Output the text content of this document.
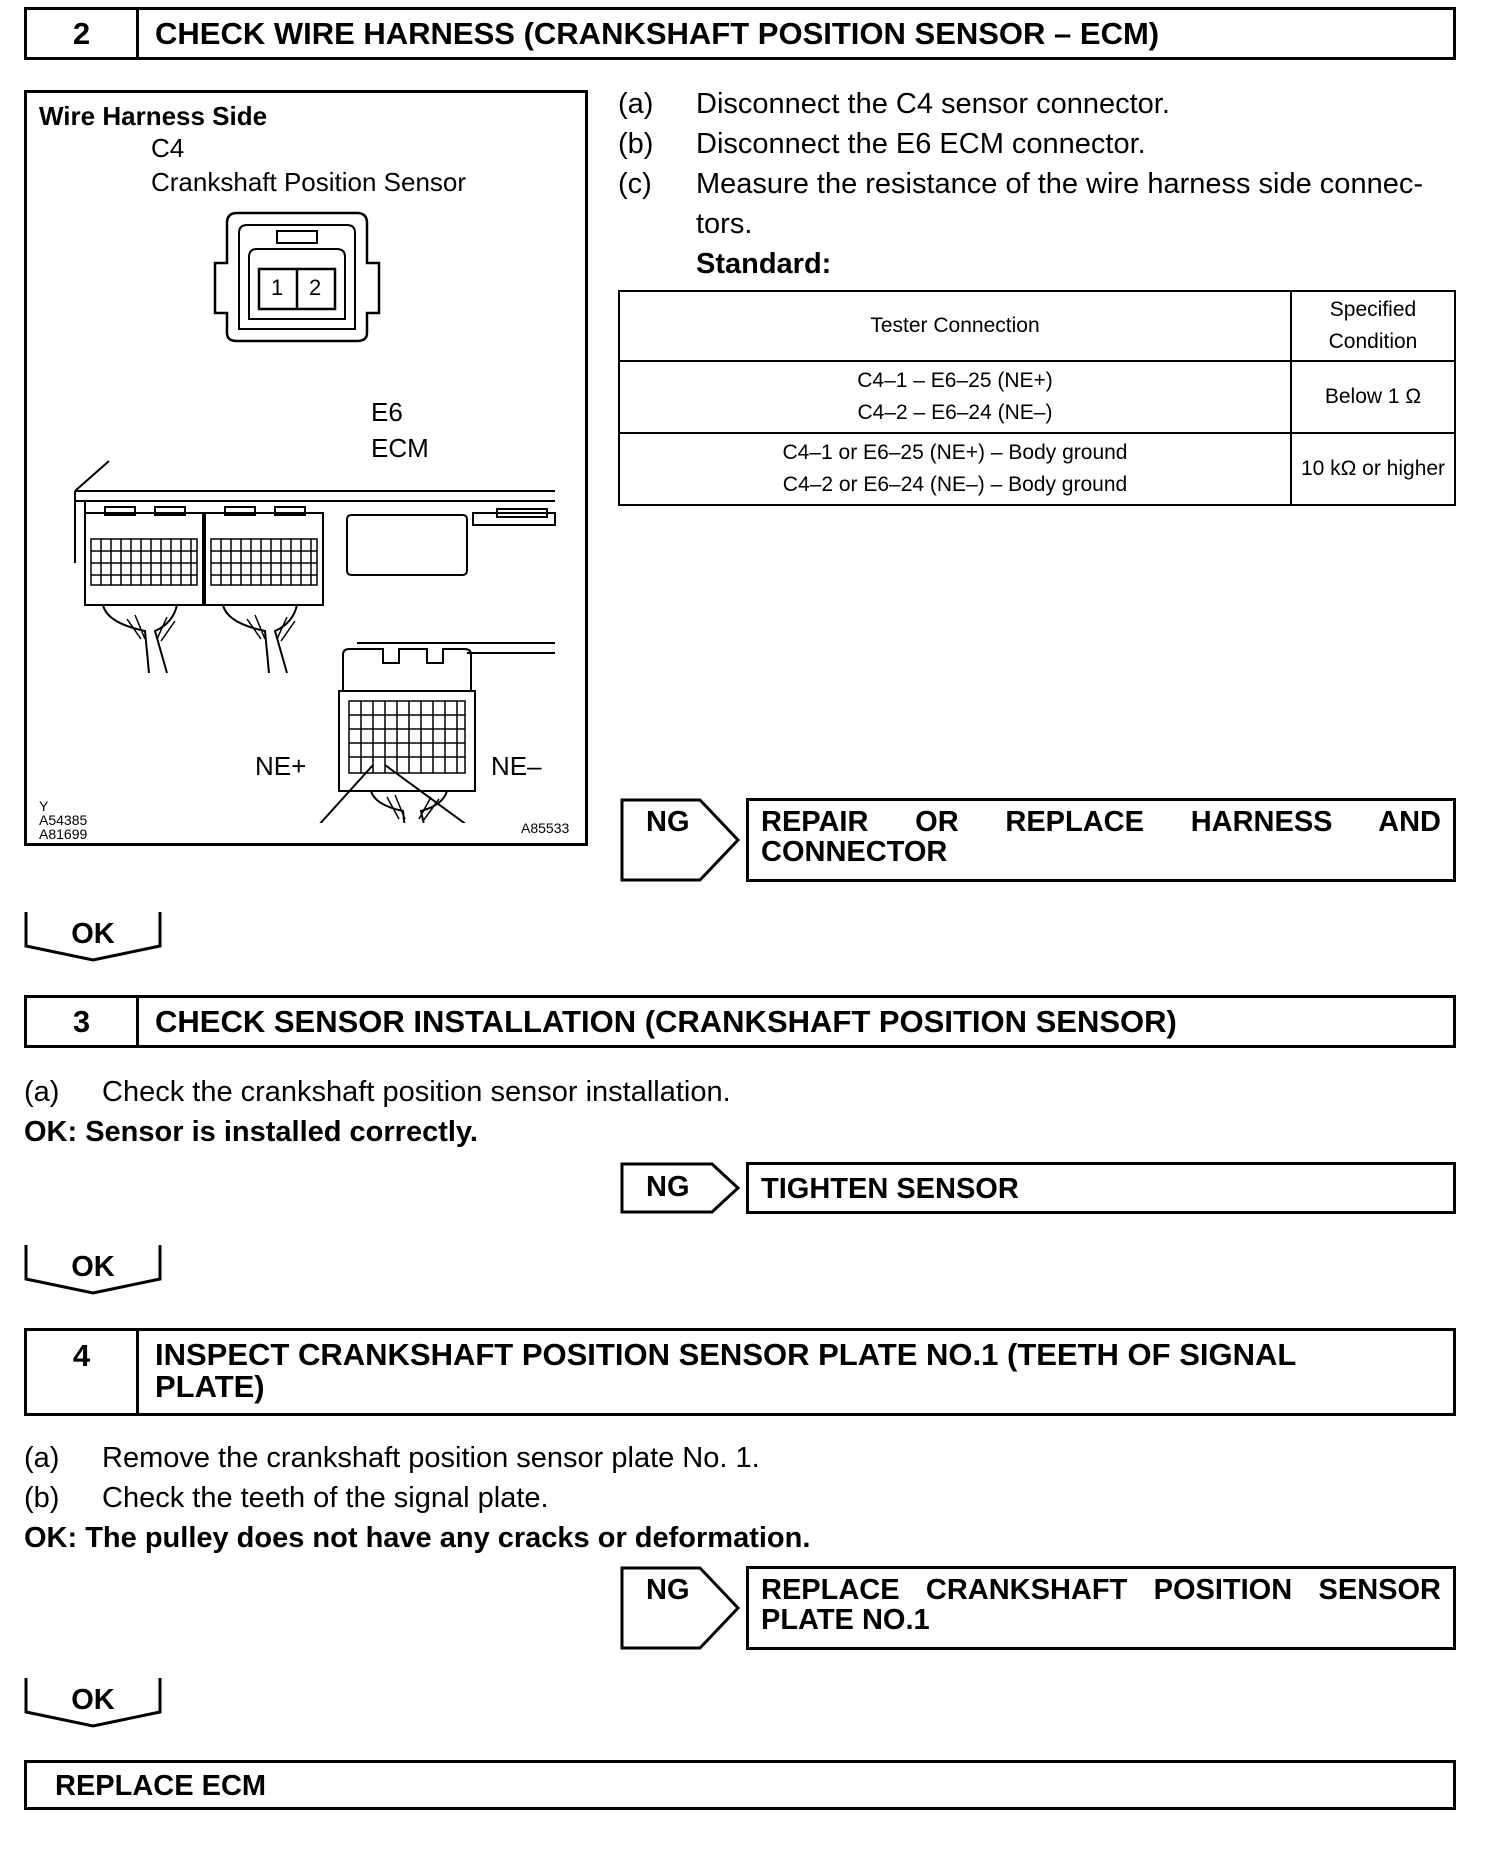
2	CHECK WIRE HARNESS (CRANKSHAFT POSITION SENSOR – ECM)
Wire Harness Side
C4
Crankshaft Position Sensor
1 2
E6
ECM
NE+	NE–
Y
A54385
A81699	A85533
(a)	Disconnect the C4 sensor connector.
(b)	Disconnect the E6 ECM connector.
(c)	Measure the resistance of the wire harness side connec-
tors.
Standard:
Tester Connection	Specified
Condition

C4–1 – E6–25 (NE+)
C4–2 – E6–24 (NE–)	Below 1 Ω

C4–1 or E6–25 (NE+) – Body ground
C4–2 or E6–24 (NE–) – Body ground	10 kΩ or higher
NG REPAIR OR REPLACE HARNESS AND
CONNECTOR
OK
3	CHECK SENSOR INSTALLATION (CRANKSHAFT POSITION SENSOR)
(a)	Check the crankshaft position sensor installation.
OK: Sensor is installed correctly.
NG	TIGHTEN SENSOR
OK
4	INSPECT CRANKSHAFT POSITION SENSOR PLATE NO.1 (TEETH OF SIGNAL
PLATE)
(a)	Remove the crankshaft position sensor plate No. 1.
(b)	Check the teeth of the signal plate.
OK: The pulley does not have any cracks or deformation.
NG REPLACE CRANKSHAFT POSITION SENSOR
PLATE NO.1
OK
REPLACE ECM
